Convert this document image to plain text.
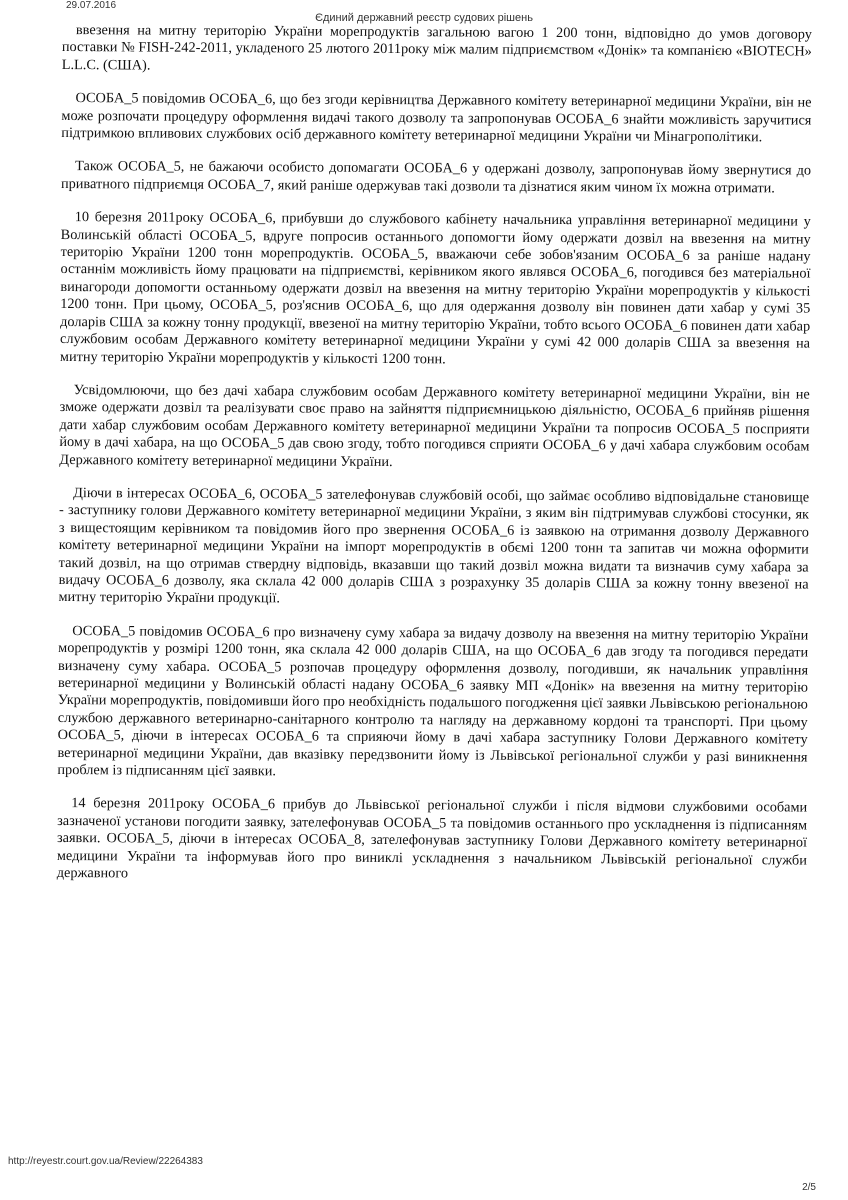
29.07.2016
Єдиний державний реєстр судових рішень

ввезення на митну територію України морепродуктів загальною вагою 1 200 тонн, відповідно до умов договору поставки № FISH-242-2011, укладеного 25 лютого 2011року між малим підприємством «Донік» та компанією «BIOTECH» L.L.C. (США).

ОСОБА_5 повідомив ОСОБА_6, що без згоди керівництва Державного комітету ветеринарної медицини України, він не може розпочати процедуру оформлення видачі такого дозволу та запропонував ОСОБА_6 знайти можливість заручитися підтримкою впливових службових осіб державного комітету ветеринарної медицини України чи Мінагрополітики.

Також ОСОБА_5, не бажаючи особисто допомагати ОСОБА_6 у одержані дозволу, запропонував йому звернутися до приватного підприємця ОСОБА_7, який раніше одержував такі дозволи та дізнатися яким чином їх можна отримати.

10 березня 2011року ОСОБА_6, прибувши до службового кабінету начальника управління ветеринарної медицини у Волинській області ОСОБА_5, вдруге попросив останнього допомогти йому одержати дозвіл на ввезення на митну територію України 1200 тонн морепродуктів. ОСОБА_5, вважаючи себе зобов'язаним ОСОБА_6 за раніше надану останнім можливість йому працювати на підприємстві, керівником якого являвся ОСОБА_6, погодився без матеріальної винагороди допомогти останньому одержати дозвіл на ввезення на митну територію України морепродуктів у кількості 1200 тонн. При цьому, ОСОБА_5, роз'яснив ОСОБА_6, що для одержання дозволу він повинен дати хабар у сумі 35 доларів США за кожну тонну продукції, ввезеної на митну територію України, тобто всього ОСОБА_6 повинен дати хабар службовим особам Державного комітету ветеринарної медицини України у сумі 42 000 доларів США за ввезення на митну територію України морепродуктів у кількості 1200 тонн.

Усвідомлюючи, що без дачі хабара службовим особам Державного комітету ветеринарної медицини України, він не зможе одержати дозвіл та реалізувати своє право на зайняття підприємницькою діяльністю, ОСОБА_6 прийняв рішення дати хабар службовим особам Державного комітету ветеринарної медицини України та попросив ОСОБА_5 посприяти йому в дачі хабара, на що ОСОБА_5 дав свою згоду, тобто погодився сприяти ОСОБА_6 у дачі хабара службовим особам Державного комітету ветеринарної медицини України.

Діючи в інтересах ОСОБА_6, ОСОБА_5 зателефонував службовій особі, що займає особливо відповідальне становище - заступнику голови Державного комітету ветеринарної медицини України, з яким він підтримував службові стосунки, як з вищестоящим керівником та повідомив його про звернення ОСОБА_6 із заявкою на отримання дозволу Державного комітету ветеринарної медицини України на імпорт морепродуктів в обємі 1200 тонн та запитав чи можна оформити такий дозвіл, на що отримав ствердну відповідь, вказавши що такий дозвіл можна видати та визначив суму хабара за видачу ОСОБА_6 дозволу, яка склала 42 000 доларів США з розрахунку 35 доларів США за кожну тонну ввезеної на митну територію України продукції.

ОСОБА_5 повідомив ОСОБА_6 про визначену суму хабара за видачу дозволу на ввезення на митну територію України морепродуктів у розмірі 1200 тонн, яка склала 42 000 доларів США, на що ОСОБА_6 дав згоду та погодився передати визначену суму хабара. ОСОБА_5 розпочав процедуру оформлення дозволу, погодивши, як начальник управління ветеринарної медицини у Волинській області надану ОСОБА_6 заявку МП «Донік» на ввезення на митну територію України морепродуктів, повідомивши його про необхідність подальшого погодження цієї заявки Львівською регіональною службою державного ветеринарно-санітарного контролю та нагляду на державному кордоні та транспорті. При цьому ОСОБА_5, діючи в інтересах ОСОБА_6 та сприяючи йому в дачі хабара заступнику Голови Державного комітету ветеринарної медицини України, дав вказівку передзвонити йому із Львівської регіональної служби у разі виникнення проблем із підписанням цієї заявки.

14 березня 2011року ОСОБА_6 прибув до Львівської регіональної служби і після відмови службовими особами зазначеної установи погодити заявку, зателефонував ОСОБА_5 та повідомив останнього про ускладнення із підписанням заявки. ОСОБА_5, діючи в інтересах ОСОБА_8, зателефонував заступнику Голови Державного комітету ветеринарної медицини України та інформував його про виниклі ускладнення з начальником Львівській регіональної служби державного

http://reyestr.court.gov.ua/Review/22264383
2/5
